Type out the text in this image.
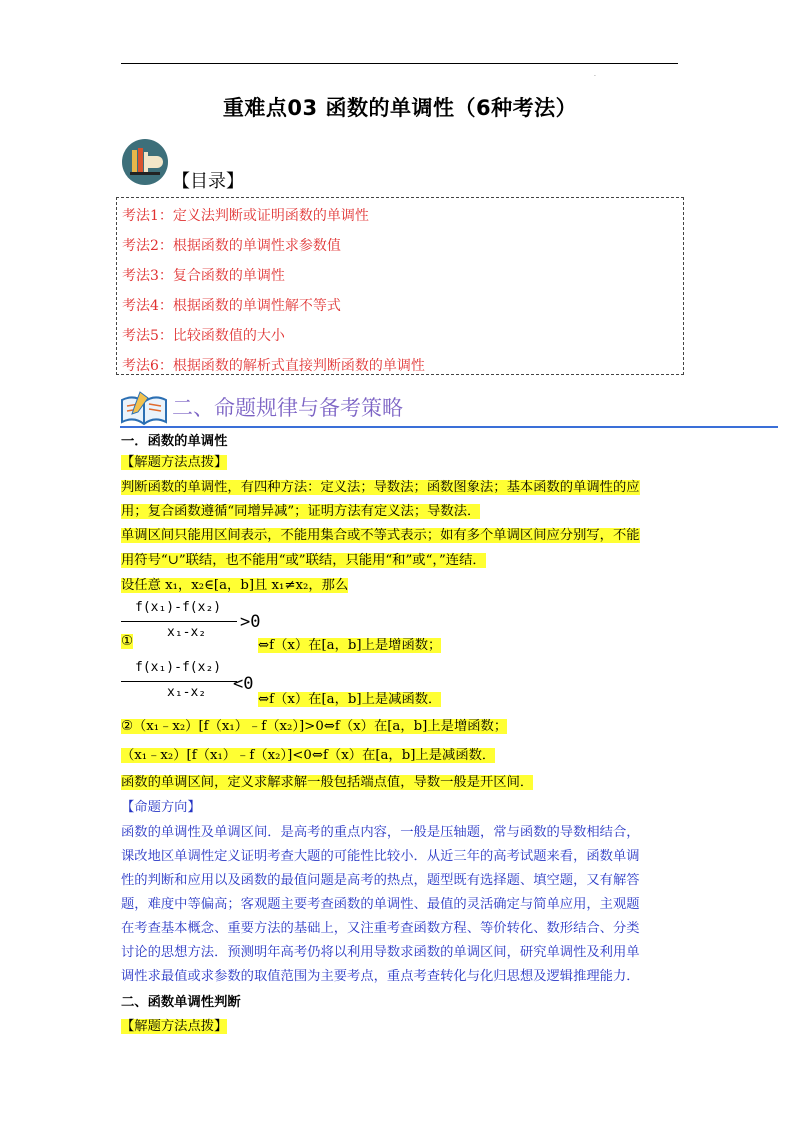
.
重难点03 函数的单调性（6种考法）
【目录】
考法1：定义法判断或证明函数的单调性
考法2：根据函数的单调性求参数值
考法3：复合函数的单调性
考法4：根据函数的单调性解不等式
考法5：比较函数值的大小
考法6：根据函数的解析式直接判断函数的单调性
二、命题规律与备考策略
一．函数的单调性
【解题方法点拨】
判断函数的单调性，有四种方法：定义法；导数法；函数图象法；基本函数的单调性的应
用；复合函数遵循“同增异减”；证明方法有定义法；导数法．
单调区间只能用区间表示，不能用集合或不等式表示；如有多个单调区间应分别写，不能
用符号“∪”联结，也不能用“或”联结，只能用“和”或“，”连结．
设任意 x₁，x₂∈[a，b]且 x₁≠x₂，那么
f(x₁)-f(x₂)
x₁-x₂
>0
①	⇔f（x）在[a，b]上是增函数；
f(x₁)-f(x₂)
x₁-x₂ <0
⇔f（x）在[a，b]上是减函数．
②（x₁﹣x₂）[f（x₁）﹣f（x₂）]>0⇔f（x）在[a，b]上是增函数；
（x₁﹣x₂）[f（x₁）﹣f（x₂）]<0⇔f（x）在[a，b]上是减函数．
函数的单调区间，定义求解求解一般包括端点值，导数一般是开区间．
【命题方向】
函数的单调性及单调区间．是高考的重点内容，一般是压轴题，常与函数的导数相结合，
课改地区单调性定义证明考查大题的可能性比较小．从近三年的高考试题来看，函数单调
性的判断和应用以及函数的最值问题是高考的热点，题型既有选择题、填空题，又有解答
题，难度中等偏高；客观题主要考查函数的单调性、最值的灵活确定与简单应用，主观题
在考查基本概念、重要方法的基础上，又注重考查函数方程、等价转化、数形结合、分类
讨论的思想方法．预测明年高考仍将以利用导数求函数的单调区间，研究单调性及利用单
调性求最值或求参数的取值范围为主要考点，重点考查转化与化归思想及逻辑推理能力．
二、函数单调性判断
【解题方法点拨】
